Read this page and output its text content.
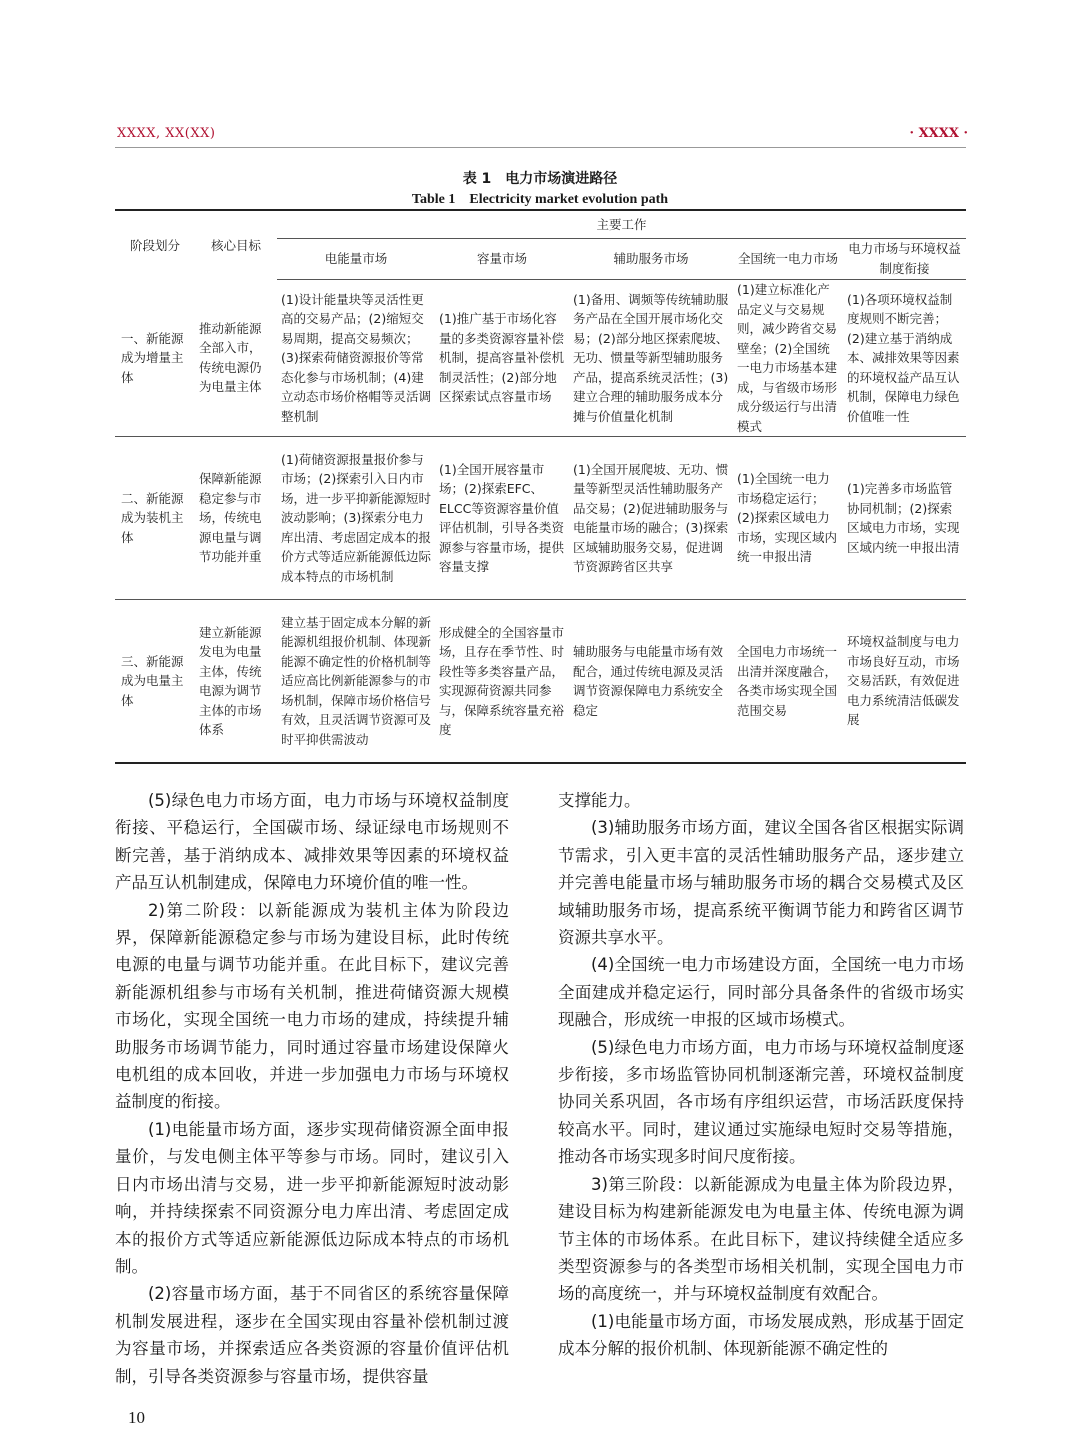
XXXX, XX(XX)	· XXXX ·
表 1　电力市场演进路径
Table 1　Electricity market evolution path
阶段划分	核心目标	主要工作				
		电能量市场	容量市场	辅助服务市场	全国统一电力市场	电力市场与环境权益制度衔接
一、新能源成为增量主体	推动新能源全部入市，传统电源仍为电量主体	(1)设计能量块等灵活性更高的交易产品；(2)缩短交易周期，提高交易频次；(3)探索荷储资源报价等常态化参与市场机制；(4)建立动态市场价格帽等灵活调整机制	(1)推广基于市场化容量的多类资源容量补偿机制，提高容量补偿机制灵活性；(2)部分地区探索试点容量市场	(1)备用、调频等传统辅助服务产品在全国开展市场化交易；(2)部分地区探索爬坡、无功、惯量等新型辅助服务产品，提高系统灵活性；(3)建立合理的辅助服务成本分摊与价值量化机制	(1)建立标准化产品定义与交易规则，减少跨省交易壁垒；(2)全国统一电力市场基本建成，与省级市场形成分级运行与出清模式	(1)各项环境权益制度规则不断完善；(2)建立基于消纳成本、减排效果等因素的环境权益产品互认机制，保障电力绿色价值唯一性
二、新能源成为装机主体	保障新能源稳定参与市场，传统电源电量与调节功能并重	(1)荷储资源报量报价参与市场；(2)探索引入日内市场，进一步平抑新能源短时波动影响；(3)探索分电力库出清、考虑固定成本的报价方式等适应新能源低边际成本特点的市场机制	(1)全国开展容量市场；(2)探索EFC、ELCC等资源容量价值评估机制，引导各类资源参与容量市场，提供容量支撑	(1)全国开展爬坡、无功、惯量等新型灵活性辅助服务产品交易；(2)促进辅助服务与电能量市场的融合；(3)探索区域辅助服务交易，促进调节资源跨省区共享	(1)全国统一电力市场稳定运行；(2)探索区域电力市场，实现区域内统一申报出清	(1)完善多市场监管协同机制；(2)探索区域电力市场，实现区域内统一申报出清
三、新能源成为电量主体	建立新能源发电为电量主体，传统电源为调节主体的市场体系	建立基于固定成本分解的新能源机组报价机制、体现新能源不确定性的价格机制等适应高比例新能源参与的市场机制，保障市场价格信号有效，且灵活调节资源可及时平抑供需波动	形成健全的全国容量市场，且存在季节性、时段性等多类容量产品，实现源荷资源共同参与，保障系统容量充裕度	辅助服务与电能量市场有效配合，通过传统电源及灵活调节资源保障电力系统安全稳定	全国电力市场统一出清并深度融合，各类市场实现全国范围交易	环境权益制度与电力市场良好互动，市场交易活跃，有效促进电力系统清洁低碳发展

(5)绿色电力市场方面，电力市场与环境权益制度衔接、平稳运行，全国碳市场、绿证绿电市场规则不断完善，基于消纳成本、减排效果等因素的环境权益产品互认机制建成，保障电力环境价值的唯一性。

2)第二阶段：以新能源成为装机主体为阶段边界，保障新能源稳定参与市场为建设目标，此时传统电源的电量与调节功能并重。在此目标下，建议完善新能源机组参与市场有关机制，推进荷储资源大规模市场化，实现全国统一电力市场的建成，持续提升辅助服务市场调节能力，同时通过容量市场建设保障火电机组的成本回收，并进一步加强电力市场与环境权益制度的衔接。

(1)电能量市场方面，逐步实现荷储资源全面申报量价，与发电侧主体平等参与市场。同时，建议引入日内市场出清与交易，进一步平抑新能源短时波动影响，并持续探索不同资源分电力库出清、考虑固定成本的报价方式等适应新能源低边际成本特点的市场机制。

(2)容量市场方面，基于不同省区的系统容量保障机制发展进程，逐步在全国实现由容量补偿机制过渡为容量市场，并探索适应各类资源的容量价值评估机制，引导各类资源参与容量市场，提供容量

支撑能力。

(3)辅助服务市场方面，建议全国各省区根据实际调节需求，引入更丰富的灵活性辅助服务产品，逐步建立并完善电能量市场与辅助服务市场的耦合交易模式及区域辅助服务市场，提高系统平衡调节能力和跨省区调节资源共享水平。

(4)全国统一电力市场建设方面，全国统一电力市场全面建成并稳定运行，同时部分具备条件的省级市场实现融合，形成统一申报的区域市场模式。

(5)绿色电力市场方面，电力市场与环境权益制度逐步衔接，多市场监管协同机制逐渐完善，环境权益制度协同关系巩固，各市场有序组织运营，市场活跃度保持较高水平。同时，建议通过实施绿电短时交易等措施，推动各市场实现多时间尺度衔接。

3)第三阶段：以新能源成为电量主体为阶段边界，建设目标为构建新能源发电为电量主体、传统电源为调节主体的市场体系。在此目标下，建议持续健全适应多类型资源参与的各类型市场相关机制，实现全国电力市场的高度统一，并与环境权益制度有效配合。

(1)电能量市场方面，市场发展成熟，形成基于固定成本分解的报价机制、体现新能源不确定性的

10
